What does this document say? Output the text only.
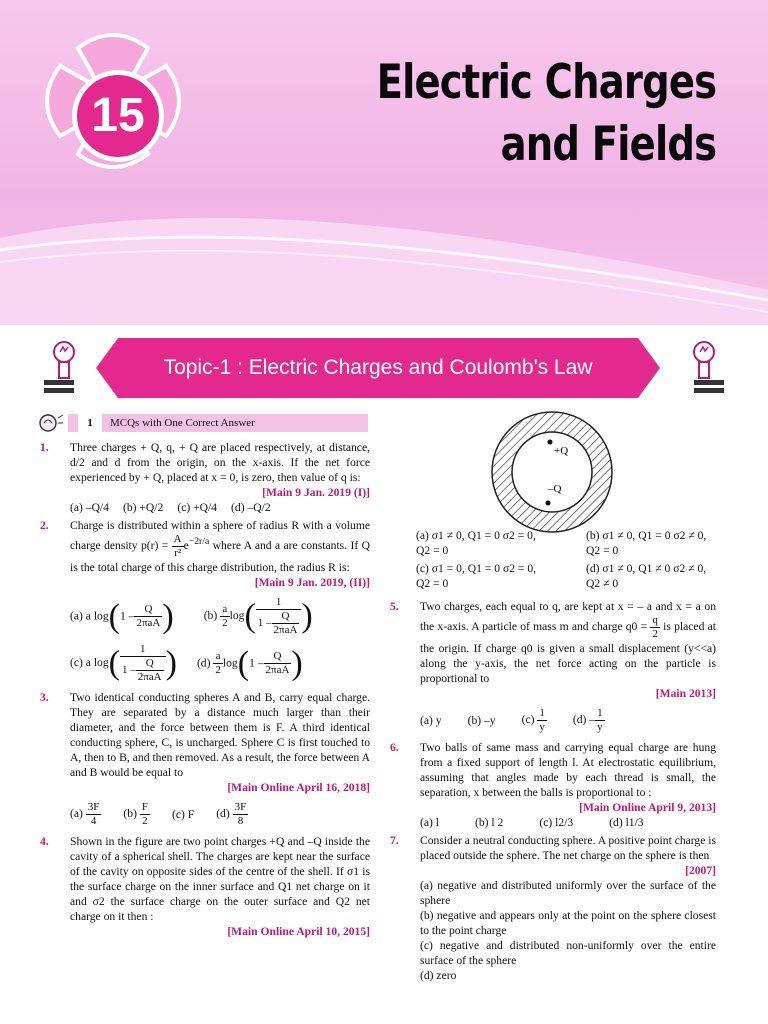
15
Electric Charges
and Fields
Topic-1 : Electric Charges and Coulomb's Law
1 MCQs with One Correct Answer
1. Three charges + Q, q, + Q are placed respectively, at distance, d/2 and d from the origin, on the x-axis. If the net force experienced by + Q, placed at x = 0, is zero, then value of q is:
[Main 9 Jan. 2019 (I)]
(a) –Q/4 (b) +Q/2 (c) +Q/4 (d) –Q/2
2. Charge is distributed within a sphere of radius R with a volume charge density $p(r) = \frac{A}{\text{r²}} e^{-2r/a}$ where A and a are constants. If Q is the total charge of this charge distribution, the radius R is:
[Main 9 Jan. 2019, (II)]
(a) a $\log(1 - \frac{Q}{\text{2πaA}}$ )	$(b) \frac{a}{2} \log( \frac{1}{1 - \frac{Q}{\text{2πaA}}}$ )
(c) a $\log( \frac{1}{1 - \frac{Q}{\text{2πaA}}}$ ) $(d) \frac{a}{2} \log(1 - \frac{Q}{\text{2πaA}}$ )
3. Two identical conducting spheres A and B, carry equal charge. They are separated by a distance much larger than their diameter, and the force between them is F. A third identical conducting sphere, C, is uncharged. Sphere C is first touched to A, then to B, and then removed. As a result, the force between A and B would be equal to
[Main Online April 16, 2018]
$(a) \frac{3F}{4} (b) \frac{F}{2} (c)$ F $(d) \frac{3F}{8}$
4. Shown in the figure are two point charges +Q and –Q inside the cavity of a spherical shell. The charges are kept near the surface of the cavity on opposite sides of the centre of the shell. If σ1 is the surface charge on the inner surface and Q1 net charge on it and σ2 the surface charge on the outer surface and Q2 net charge on it then :
[Main Online April 10, 2015]
+Q
–Q
(a) σ1 ≠ 0, Q1 = 0 σ2 = 0, Q2 = 0
(b) σ1 ≠ 0, Q1 = 0 σ2 ≠ 0, Q2 = 0
(c) σ1 = 0, Q1 = 0 σ2 = 0, Q2 = 0
(d) σ1 ≠ 0, Q1 ≠ 0 σ2 ≠ 0, Q2 ≠ 0
5. Two charges, each equal to q, are kept at x = – a and x = a on the x-axis. A particle of mass m and charge $q0 = \frac{q}{2}$ is placed at the origin. If charge q0 is given a small displacement (y<<a) along the y-axis, the net force acting on the particle is proportional to
[Main 2013]
(a) y (b) –y $(c) \frac{1}{y} (d) - \frac{1}{y}$
6. Two balls of same mass and carrying equal charge are hung from a fixed support of length l. At electrostatic equilibrium, assuming that angles made by each thread is small, the separation, x between the balls is proportional to :
[Main Online April 9, 2013]
(a) l	(b) l 2	(c) l2/3	(d) l1/3
7. Consider a neutral conducting sphere. A positive point charge is placed outside the sphere. The net charge on the sphere is then
[2007]
(a) negative and distributed uniformly over the surface of the sphere
(b) negative and appears only at the point on the sphere closest to the point charge
(c) negative and distributed non-uniformly over the entire surface of the sphere
(d) zero
